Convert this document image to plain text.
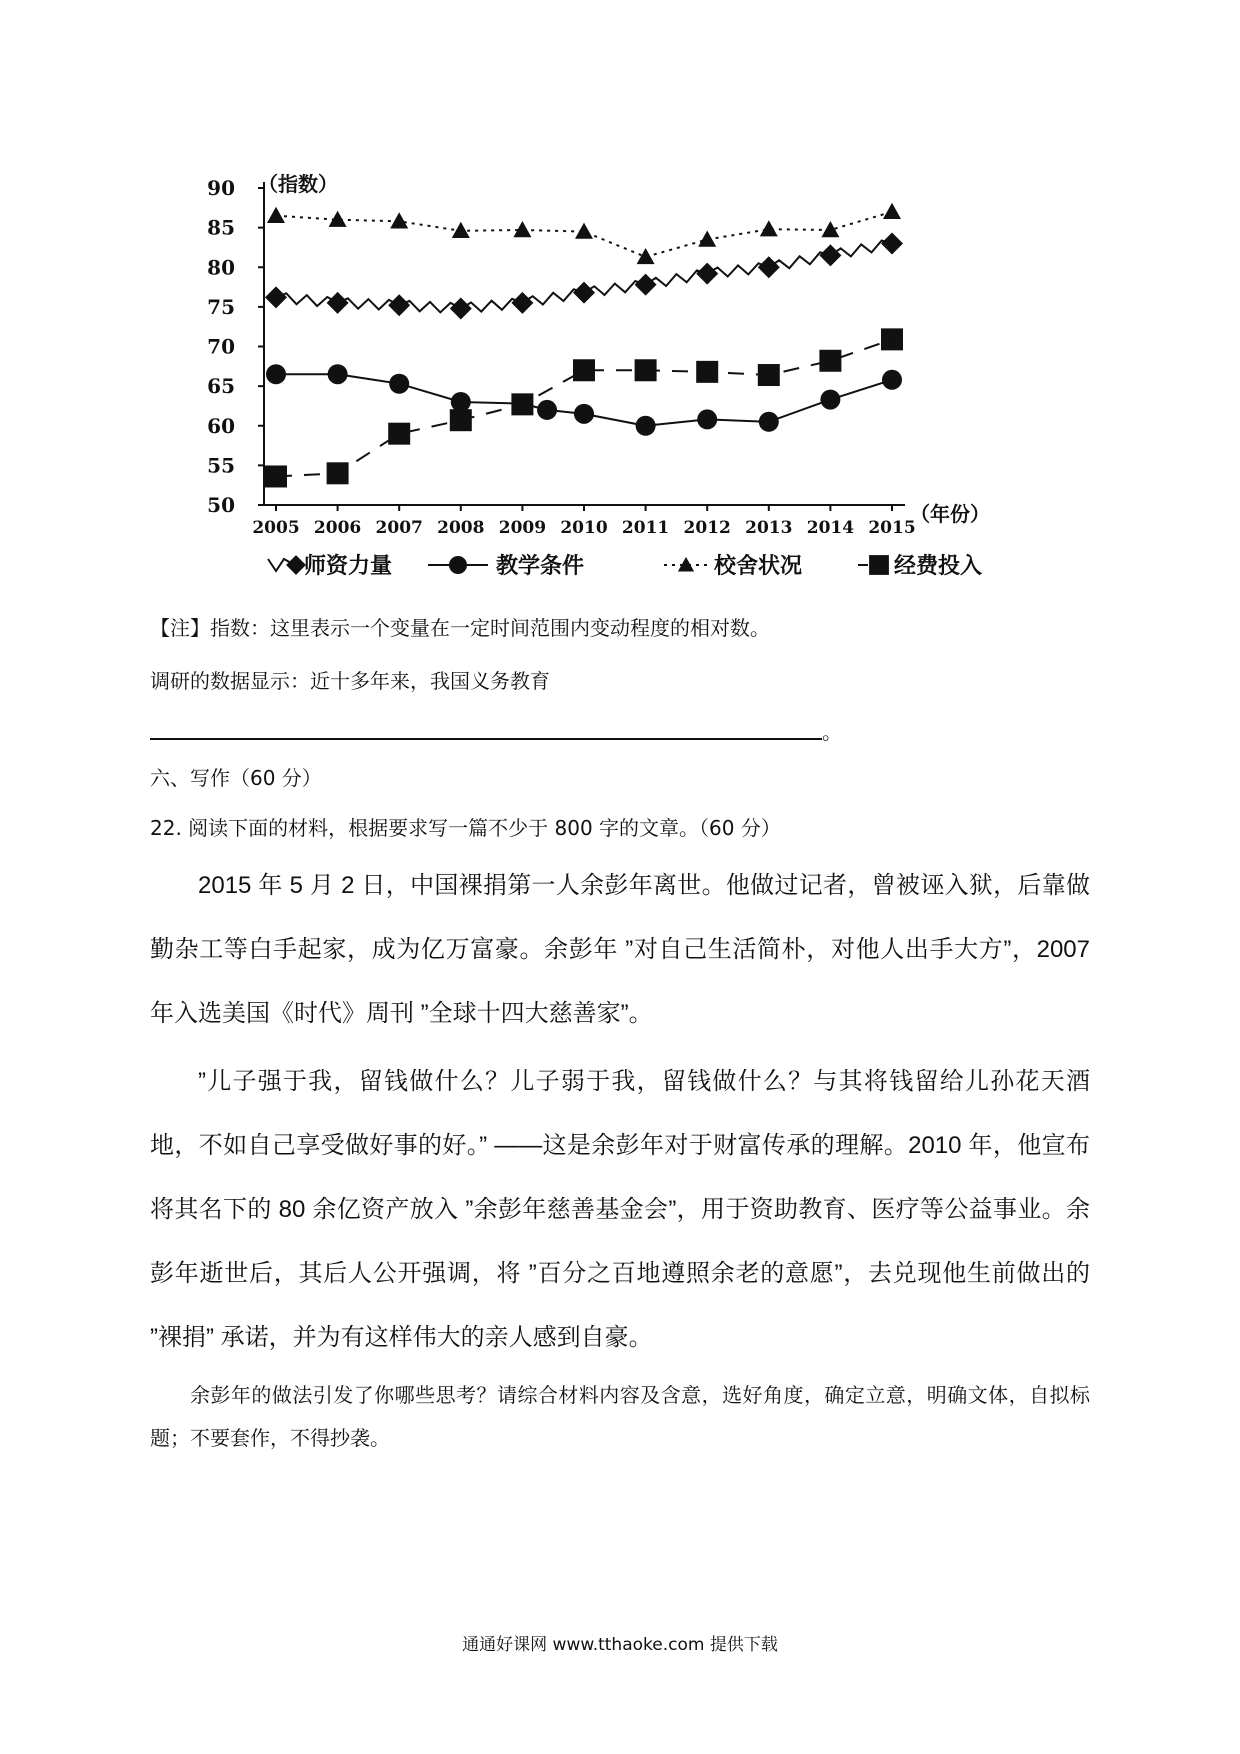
90
85
80
75
70
65
60
55
50
2005 2006 2007 2008 2009 2010 2011 2012 2013 2014 2015
（指数）
（年份）
师资力量	教学条件	校舍状况	经费投入

【注】指数：这里表示一个变量在一定时间范围内变动程度的相对数。

调研的数据显示：近十多年来，我国义务教育

。

六、写作（60 分）

22. 阅读下面的材料，根据要求写一篇不少于 800 字的文章。（60 分）

2015 年 5 月 2 日，中国裸捐第一人余彭年离世。他做过记者，曾被诬入狱，后靠做勤杂工等白手起家，成为亿万富豪。余彭年 ”对自己生活简朴，对他人出手大方”，2007 年入选美国《时代》周刊 ”全球十四大慈善家”。

”儿子强于我，留钱做什么？儿子弱于我，留钱做什么？与其将钱留给儿孙花天酒地，不如自己享受做好事的好。” ——这是余彭年对于财富传承的理解。2010 年，他宣布将其名下的 80 余亿资产放入 ”余彭年慈善基金会”，用于资助教育、医疗等公益事业。余彭年逝世后，其后人公开强调，将 ”百分之百地遵照余老的意愿”，去兑现他生前做出的 ”裸捐” 承诺，并为有这样伟大的亲人感到自豪。

余彭年的做法引发了你哪些思考？请综合材料内容及含意，选好角度，确定立意，明确文体，自拟标题；不要套作，不得抄袭。

通通好课网 www.tthaoke.com 提供下载
